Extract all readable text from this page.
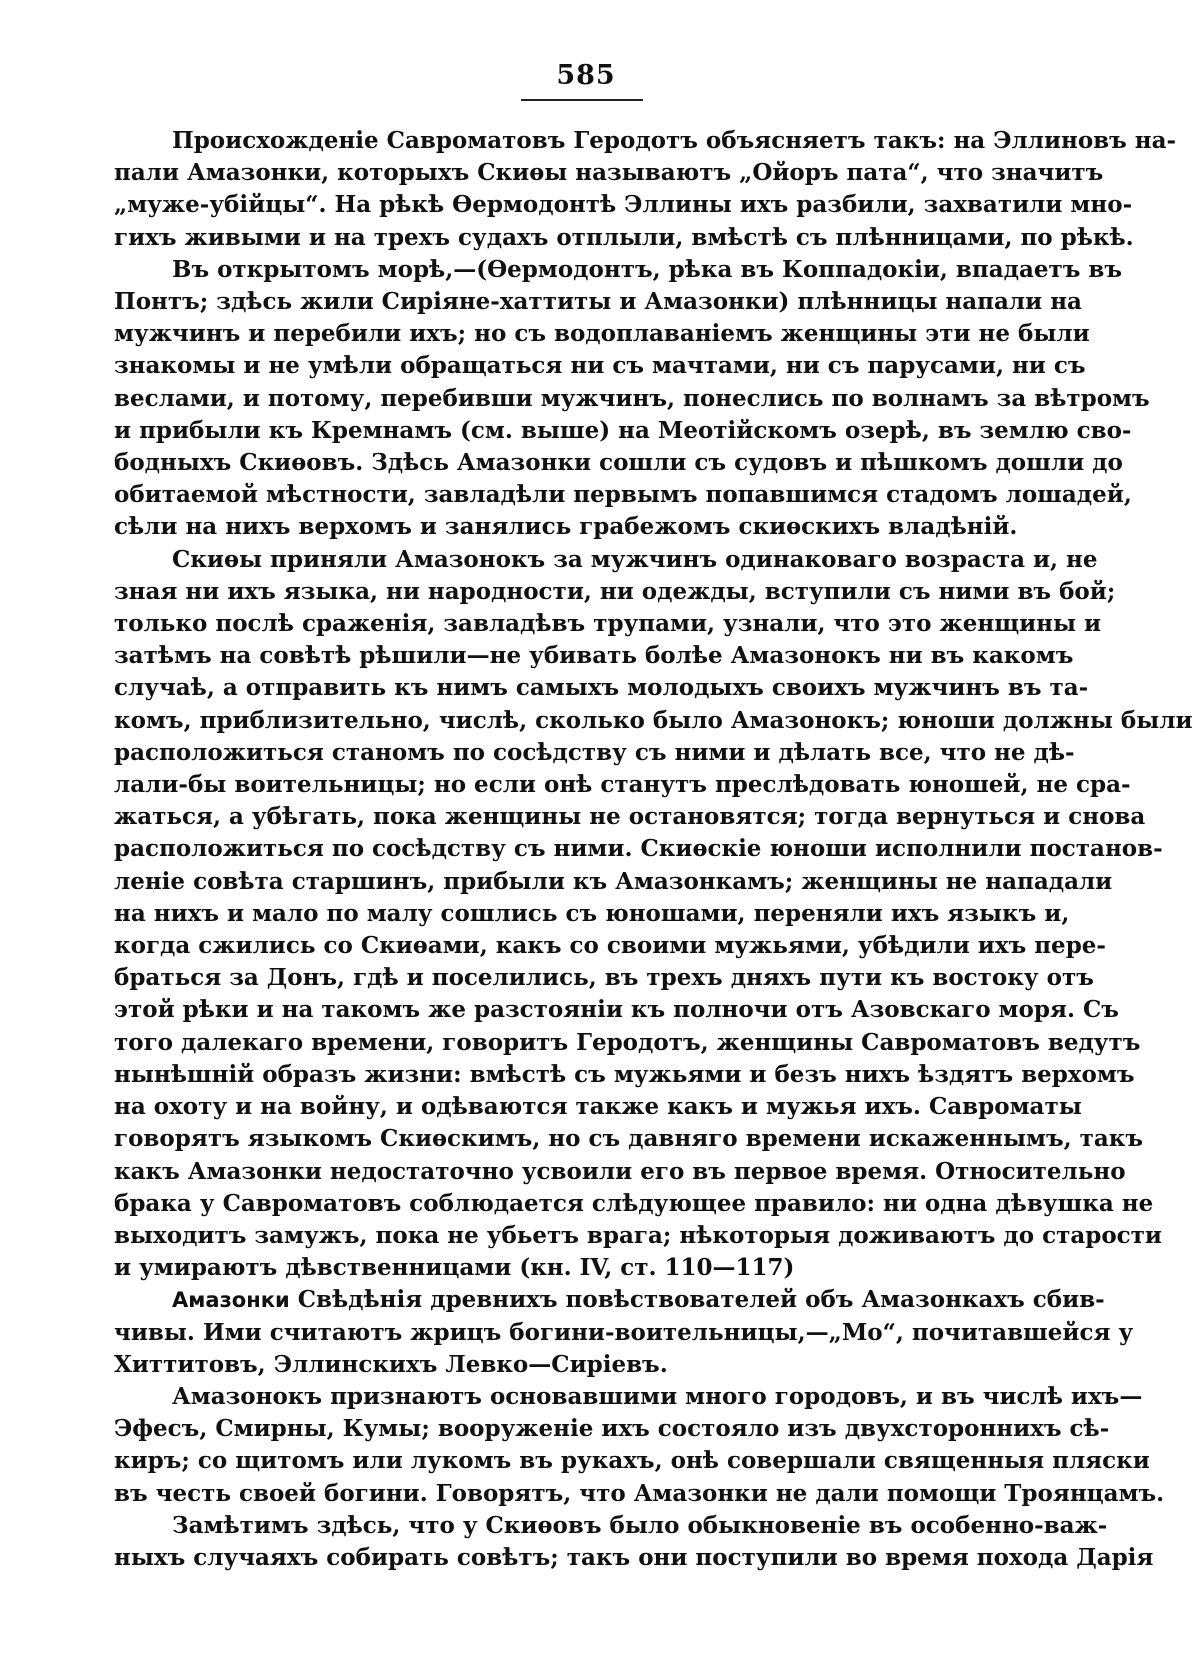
585
Происхожденіе Савроматовъ Геродотъ объясняетъ такъ: на Эллиновъ на-
пали Амазонки, которыхъ Скиѳы называютъ „Ойоръ пата“, что значитъ
„муже-убійцы“. На рѣкѣ Ѳермодонтѣ Эллины ихъ разбили, захватили мно-
гихъ живыми и на трехъ судахъ отплыли, вмѣстѣ съ плѣнницами, по рѣкѣ.
Въ открытомъ морѣ,—(Ѳермодонтъ, рѣка въ Коппадокіи, впадаетъ въ
Понтъ; здѣсь жили Сиріяне-хаттиты и Амазонки) плѣнницы напали на
мужчинъ и перебили ихъ; но съ водоплаваніемъ женщины эти не были
знакомы и не умѣли обращаться ни съ мачтами, ни съ парусами, ни съ
веслами, и потому, перебивши мужчинъ, понеслись по волнамъ за вѣтромъ
и прибыли къ Кремнамъ (см. выше) на Меотійскомъ озерѣ, въ землю сво-
бодныхъ Скиѳовъ. Здѣсь Амазонки сошли съ судовъ и пѣшкомъ дошли до
обитаемой мѣстности, завладѣли первымъ попавшимся стадомъ лошадей,
сѣли на нихъ верхомъ и занялись грабежомъ скиѳскихъ владѣній.
Скиѳы приняли Амазонокъ за мужчинъ одинаковаго возраста и, не
зная ни ихъ языка, ни народности, ни одежды, вступили съ ними въ бой;
только послѣ сраженія, завладѣвъ трупами, узнали, что это женщины и
затѣмъ на совѣтѣ рѣшили—не убивать болѣе Амазонокъ ни въ какомъ
случаѣ, а отправить къ нимъ самыхъ молодыхъ своихъ мужчинъ въ та-
комъ, приблизительно, числѣ, сколько было Амазонокъ; юноши должны были
расположиться станомъ по сосѣдству съ ними и дѣлать все, что не дѣ-
лали-бы воительницы; но если онѣ станутъ преслѣдовать юношей, не сра-
жаться, а убѣгать, пока женщины не остановятся; тогда вернуться и снова
расположиться по сосѣдству съ ними. Скиѳскіе юноши исполнили постанов-
леніе совѣта старшинъ, прибыли къ Амазонкамъ; женщины не нападали
на нихъ и мало по малу сошлись съ юношами, переняли ихъ языкъ и,
когда сжились со Скиѳами, какъ со своими мужьями, убѣдили ихъ пере-
браться за Донъ, гдѣ и поселились, въ трехъ дняхъ пути къ востоку отъ
этой рѣки и на такомъ же разстояніи къ полночи отъ Азовскаго моря. Съ
того далекаго времени, говоритъ Геродотъ, женщины Савроматовъ ведутъ
нынѣшній образъ жизни: вмѣстѣ съ мужьями и безъ нихъ ѣздятъ верхомъ
на охоту и на войну, и одѣваются также какъ и мужья ихъ. Савроматы
говорятъ языкомъ Скиѳскимъ, но съ давняго времени искаженнымъ, такъ
какъ Амазонки недостаточно усвоили его въ первое время. Относительно
брака у Савроматовъ соблюдается слѣдующее правило: ни одна дѣвушка не
выходитъ замужъ, пока не убьетъ врага; нѣкоторыя доживаютъ до старости
и умираютъ дѣвственницами (кн. IV, ст. 110—117)
Амазонки Свѣдѣнія древнихъ повѣствователей объ Амазонкахъ сбив-
чивы. Ими считаютъ жрицъ богини-воительницы,—„Мо“, почитавшейся у
Хиттитовъ, Эллинскихъ Левко—Сиріевъ.
Амазонокъ признаютъ основавшими много городовъ, и въ числѣ ихъ—
Эфесъ, Смирны, Кумы; вооруженіе ихъ состояло изъ двухстороннихъ сѣ-
киръ; со щитомъ или лукомъ въ рукахъ, онѣ совершали священныя пляски
въ честь своей богини. Говорятъ, что Амазонки не дали помощи Троянцамъ.
Замѣтимъ здѣсь, что у Скиѳовъ было обыкновеніе въ особенно-важ-
ныхъ случаяхъ собирать совѣтъ; такъ они поступили во время похода Дарія
